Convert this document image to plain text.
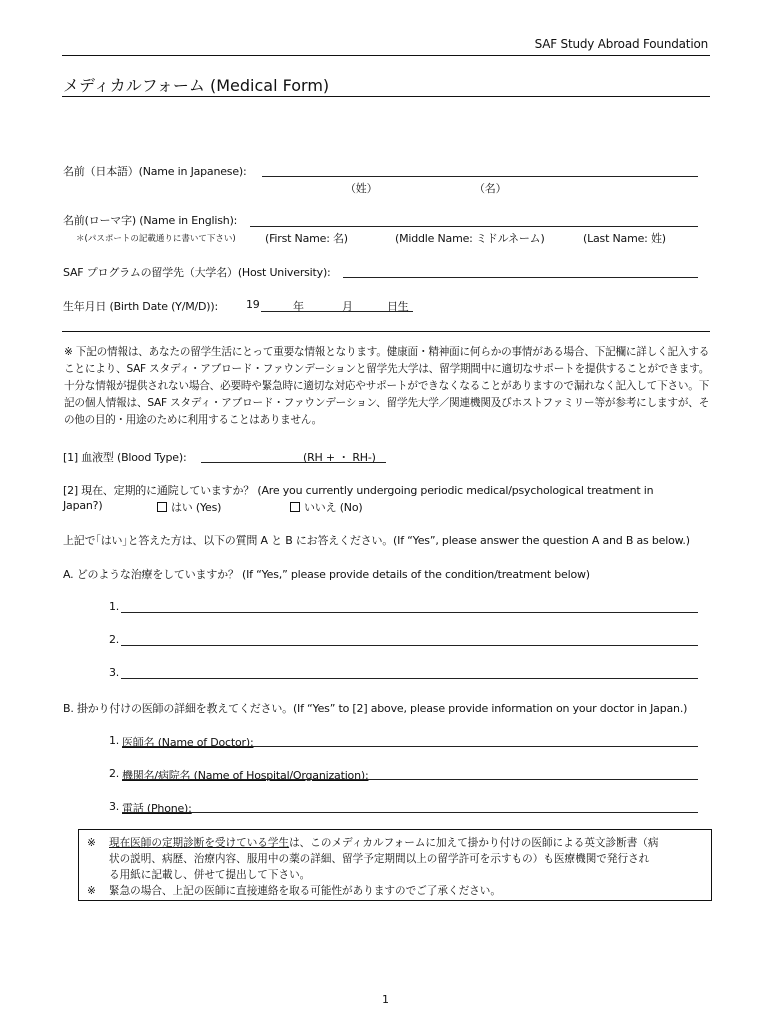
SAF Study Abroad Foundation
メディカルフォーム (Medical Form)
名前（日本語）(Name in Japanese):
（姓）	（名）
名前(ローマ字) (Name in English):
＊(パスポートの記載通りに書いて下さい)	(First Name: 名)	(Middle Name: ミドルネーム)	(Last Name: 姓)
SAF プログラムの留学先（大学名）(Host University):
生年月日 (Birth Date (Y/M/D)):	19	年	月	日生
※ 下記の情報は、あなたの留学生活にとって重要な情報となります。健康面・精神面に何らかの事情がある場合、下記欄に詳しく記入することにより、SAF スタディ・アブロード・ファウンデーションと留学先大学は、留学期間中に適切なサポートを提供することができます。十分な情報が提供されない場合、必要時や緊急時に適切な対応やサポートができなくなることがありますので漏れなく記入して下さい。下記の個人情報は、SAF スタディ・アブロード・ファウンデーション、留学先大学／関連機関及びホストファミリー等が参考にしますが、その他の目的・用途のために利用することはありません。
[1] 血液型 (Blood Type):	(RH + ・ RH-)
[2] 現在、定期的に通院していますか？ (Are you currently undergoing periodic medical/psychological treatment in
Japan?)	はい (Yes)	いいえ (No)
上記で｢はい｣と答えた方は、以下の質問 A と B にお答えください。(If “Yes”, please answer the question A and B as below.)
A. どのような治療をしていますか？ (If “Yes,” please provide details of the condition/treatment below)
1.
2.
3.
B. 掛かり付けの医師の詳細を教えてください。(If “Yes” to [2] above, please provide information on your doctor in Japan.)
1. 医師名 (Name of Doctor):
2. 機関名/病院名 (Name of Hospital/Organization):
3. 電話 (Phone):
※ 現在医師の定期診断を受けている学生は、このメディカルフォームに加えて掛かり付けの医師による英文診断書（病
状の説明、病歴、治療内容、服用中の薬の詳細、留学予定期間以上の留学許可を示すもの）も医療機関で発行され
る用紙に記載し、併せて提出して下さい。
※ 緊急の場合、上記の医師に直接連絡を取る可能性がありますのでご了承ください。
1
